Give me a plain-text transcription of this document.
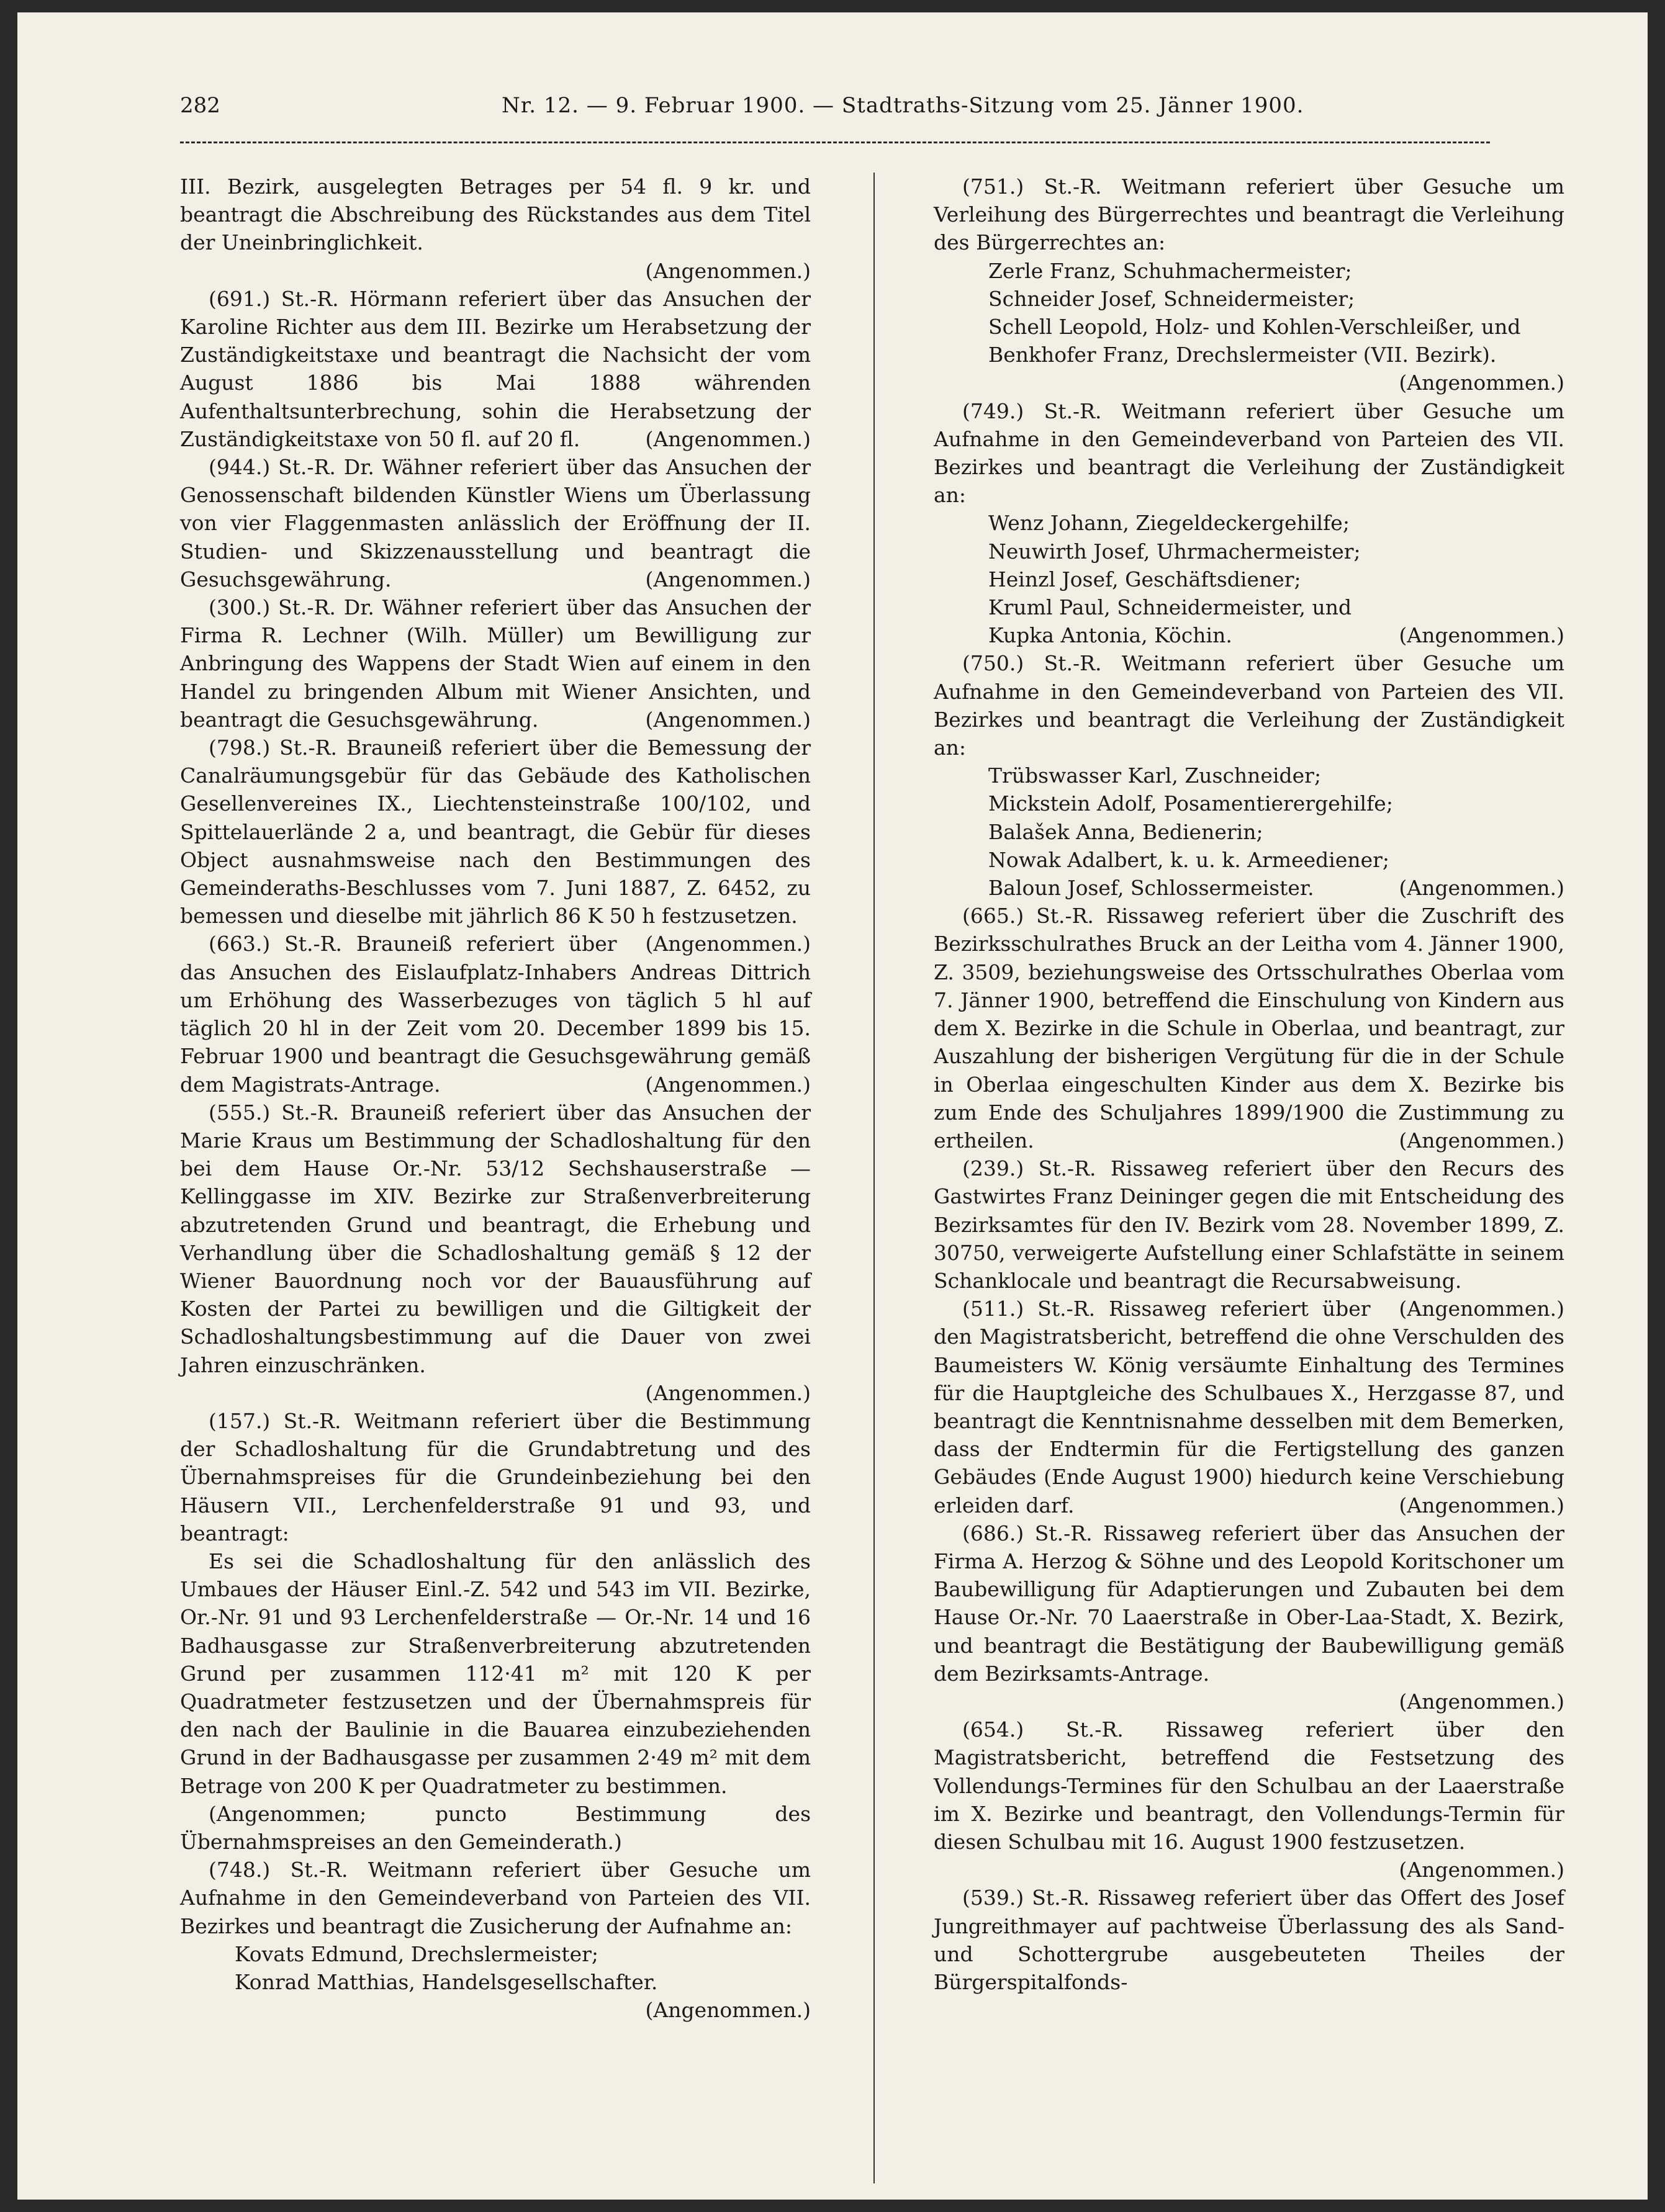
282	Nr. 12. — 9. Februar 1900. — Stadtraths-Sitzung vom 25. Jänner 1900.

III. Bezirk, ausgelegten Betrages per 54 fl. 9 kr. und beantragt die Abschreibung des Rückstandes aus dem Titel der Uneinbringlichkeit.

(Angenommen.)

(691.) St.-R. Hörmann referiert über das Ansuchen der Karoline Richter aus dem III. Bezirke um Herabsetzung der Zuständigkeitstaxe und beantragt die Nachsicht der vom August 1886 bis Mai 1888 währenden Aufenthaltsunterbrechung, sohin die Herabsetzung der Zuständigkeitstaxe von 50 fl. auf 20 fl.	(Angenommen.)

(944.) St.-R. Dr. Wähner referiert über das Ansuchen der Genossenschaft bildenden Künstler Wiens um Überlassung von vier Flaggenmasten anlässlich der Eröffnung der II. Studien- und Skizzenausstellung und beantragt die Gesuchsgewährung.	(Angenommen.)

(300.) St.-R. Dr. Wähner referiert über das Ansuchen der Firma R. Lechner (Wilh. Müller) um Bewilligung zur Anbringung des Wappens der Stadt Wien auf einem in den Handel zu bringenden Album mit Wiener Ansichten, und beantragt die Gesuchsgewährung.	(Angenommen.)

(798.) St.-R. Brauneiß referiert über die Bemessung der Canalräumungsgebür für das Gebäude des Katholischen Gesellenvereines IX., Liechtensteinstraße 100/102, und Spittelauerlände 2 a, und beantragt, die Gebür für dieses Object ausnahmsweise nach den Bestimmungen des Gemeinderaths-Beschlusses vom 7. Juni 1887, Z. 6452, zu bemessen und dieselbe mit jährlich 86 K 50 h festzusetzen.
(Angenommen.)

(663.) St.-R. Brauneiß referiert über das Ansuchen des Eislaufplatz-Inhabers Andreas Dittrich um Erhöhung des Wasserbezuges von täglich 5 hl auf täglich 20 hl in der Zeit vom 20. December 1899 bis 15. Februar 1900 und beantragt die Gesuchsgewährung gemäß dem Magistrats-Antrage.	(Angenommen.)

(555.) St.-R. Brauneiß referiert über das Ansuchen der Marie Kraus um Bestimmung der Schadloshaltung für den bei dem Hause Or.-Nr. 53/12 Sechshauserstraße — Kellinggasse im XIV. Bezirke zur Straßenverbreiterung abzutretenden Grund und beantragt, die Erhebung und Verhandlung über die Schadloshaltung gemäß § 12 der Wiener Bauordnung noch vor der Bauausführung auf Kosten der Partei zu bewilligen und die Giltigkeit der Schadloshaltungsbestimmung auf die Dauer von zwei Jahren einzuschränken.

(Angenommen.)

(157.) St.-R. Weitmann referiert über die Bestimmung der Schadloshaltung für die Grundabtretung und des Übernahmspreises für die Grundeinbeziehung bei den Häusern VII., Lerchenfelderstraße 91 und 93, und beantragt:

Es sei die Schadloshaltung für den anlässlich des Umbaues der Häuser Einl.-Z. 542 und 543 im VII. Bezirke, Or.-Nr. 91 und 93 Lerchenfelderstraße — Or.-Nr. 14 und 16 Badhausgasse zur Straßenverbreiterung abzutretenden Grund per zusammen 112·41 m² mit 120 K per Quadratmeter festzusetzen und der Übernahmspreis für den nach der Baulinie in die Bauarea einzubeziehenden Grund in der Badhausgasse per zusammen 2·49 m² mit dem Betrage von 200 K per Quadratmeter zu bestimmen.

(Angenommen; puncto Bestimmung des Übernahmspreises an den Gemeinderath.)

(748.) St.-R. Weitmann referiert über Gesuche um Aufnahme in den Gemeindeverband von Parteien des VII. Bezirkes und beantragt die Zusicherung der Aufnahme an:

Kovats Edmund, Drechslermeister;

Konrad Matthias, Handelsgesellschafter.
(Angenommen.)

(751.) St.-R. Weitmann referiert über Gesuche um Verleihung des Bürgerrechtes und beantragt die Verleihung des Bürgerrechtes an:

Zerle Franz, Schuhmachermeister;

Schneider Josef, Schneidermeister;

Schell Leopold, Holz- und Kohlen-Verschleißer, und

Benkhofer Franz, Drechslermeister (VII. Bezirk).

(Angenommen.)

(749.) St.-R. Weitmann referiert über Gesuche um Aufnahme in den Gemeindeverband von Parteien des VII. Bezirkes und beantragt die Verleihung der Zuständigkeit an:

Wenz Johann, Ziegeldeckergehilfe;

Neuwirth Josef, Uhrmachermeister;

Heinzl Josef, Geschäftsdiener;

Kruml Paul, Schneidermeister, und

Kupka Antonia, Köchin.	(Angenommen.)

(750.) St.-R. Weitmann referiert über Gesuche um Aufnahme in den Gemeindeverband von Parteien des VII. Bezirkes und beantragt die Verleihung der Zuständigkeit an:

Trübswasser Karl, Zuschneider;

Mickstein Adolf, Posamentierergehilfe;

Balašek Anna, Bedienerin;

Nowak Adalbert, k. u. k. Armeediener;

Baloun Josef, Schlossermeister.	(Angenommen.)

(665.) St.-R. Rissaweg referiert über die Zuschrift des Bezirksschulrathes Bruck an der Leitha vom 4. Jänner 1900, Z. 3509, beziehungsweise des Ortsschulrathes Oberlaa vom 7. Jänner 1900, betreffend die Einschulung von Kindern aus dem X. Bezirke in die Schule in Oberlaa, und beantragt, zur Auszahlung der bisherigen Vergütung für die in der Schule in Oberlaa eingeschulten Kinder aus dem X. Bezirke bis zum Ende des Schuljahres 1899/1900 die Zustimmung zu ertheilen.	(Angenommen.)

(239.) St.-R. Rissaweg referiert über den Recurs des Gastwirtes Franz Deininger gegen die mit Entscheidung des Bezirksamtes für den IV. Bezirk vom 28. November 1899, Z. 30750, verweigerte Aufstellung einer Schlafstätte in seinem Schanklocale und beantragt die Recursabweisung.
(Angenommen.)

(511.) St.-R. Rissaweg referiert über den Magistratsbericht, betreffend die ohne Verschulden des Baumeisters W. König versäumte Einhaltung des Termines für die Hauptgleiche des Schulbaues X., Herzgasse 87, und beantragt die Kenntnisnahme desselben mit dem Bemerken, dass der Endtermin für die Fertigstellung des ganzen Gebäudes (Ende August 1900) hiedurch keine Verschiebung erleiden darf.	(Angenommen.)

(686.) St.-R. Rissaweg referiert über das Ansuchen der Firma A. Herzog & Söhne und des Leopold Koritschoner um Baubewilligung für Adaptierungen und Zubauten bei dem Hause Or.-Nr. 70 Laaerstraße in Ober-Laa-Stadt, X. Bezirk, und beantragt die Bestätigung der Baubewilligung gemäß dem Bezirksamts-Antrage.

(Angenommen.)

(654.) St.-R. Rissaweg referiert über den Magistratsbericht, betreffend die Festsetzung des Vollendungs-Termines für den Schulbau an der Laaerstraße im X. Bezirke und beantragt, den Vollendungs-Termin für diesen Schulbau mit 16. August 1900 festzusetzen.

(Angenommen.)

(539.) St.-R. Rissaweg referiert über das Offert des Josef Jungreithmayer auf pachtweise Überlassung des als Sand- und Schottergrube ausgebeuteten Theiles der Bürgerspitalfonds-
